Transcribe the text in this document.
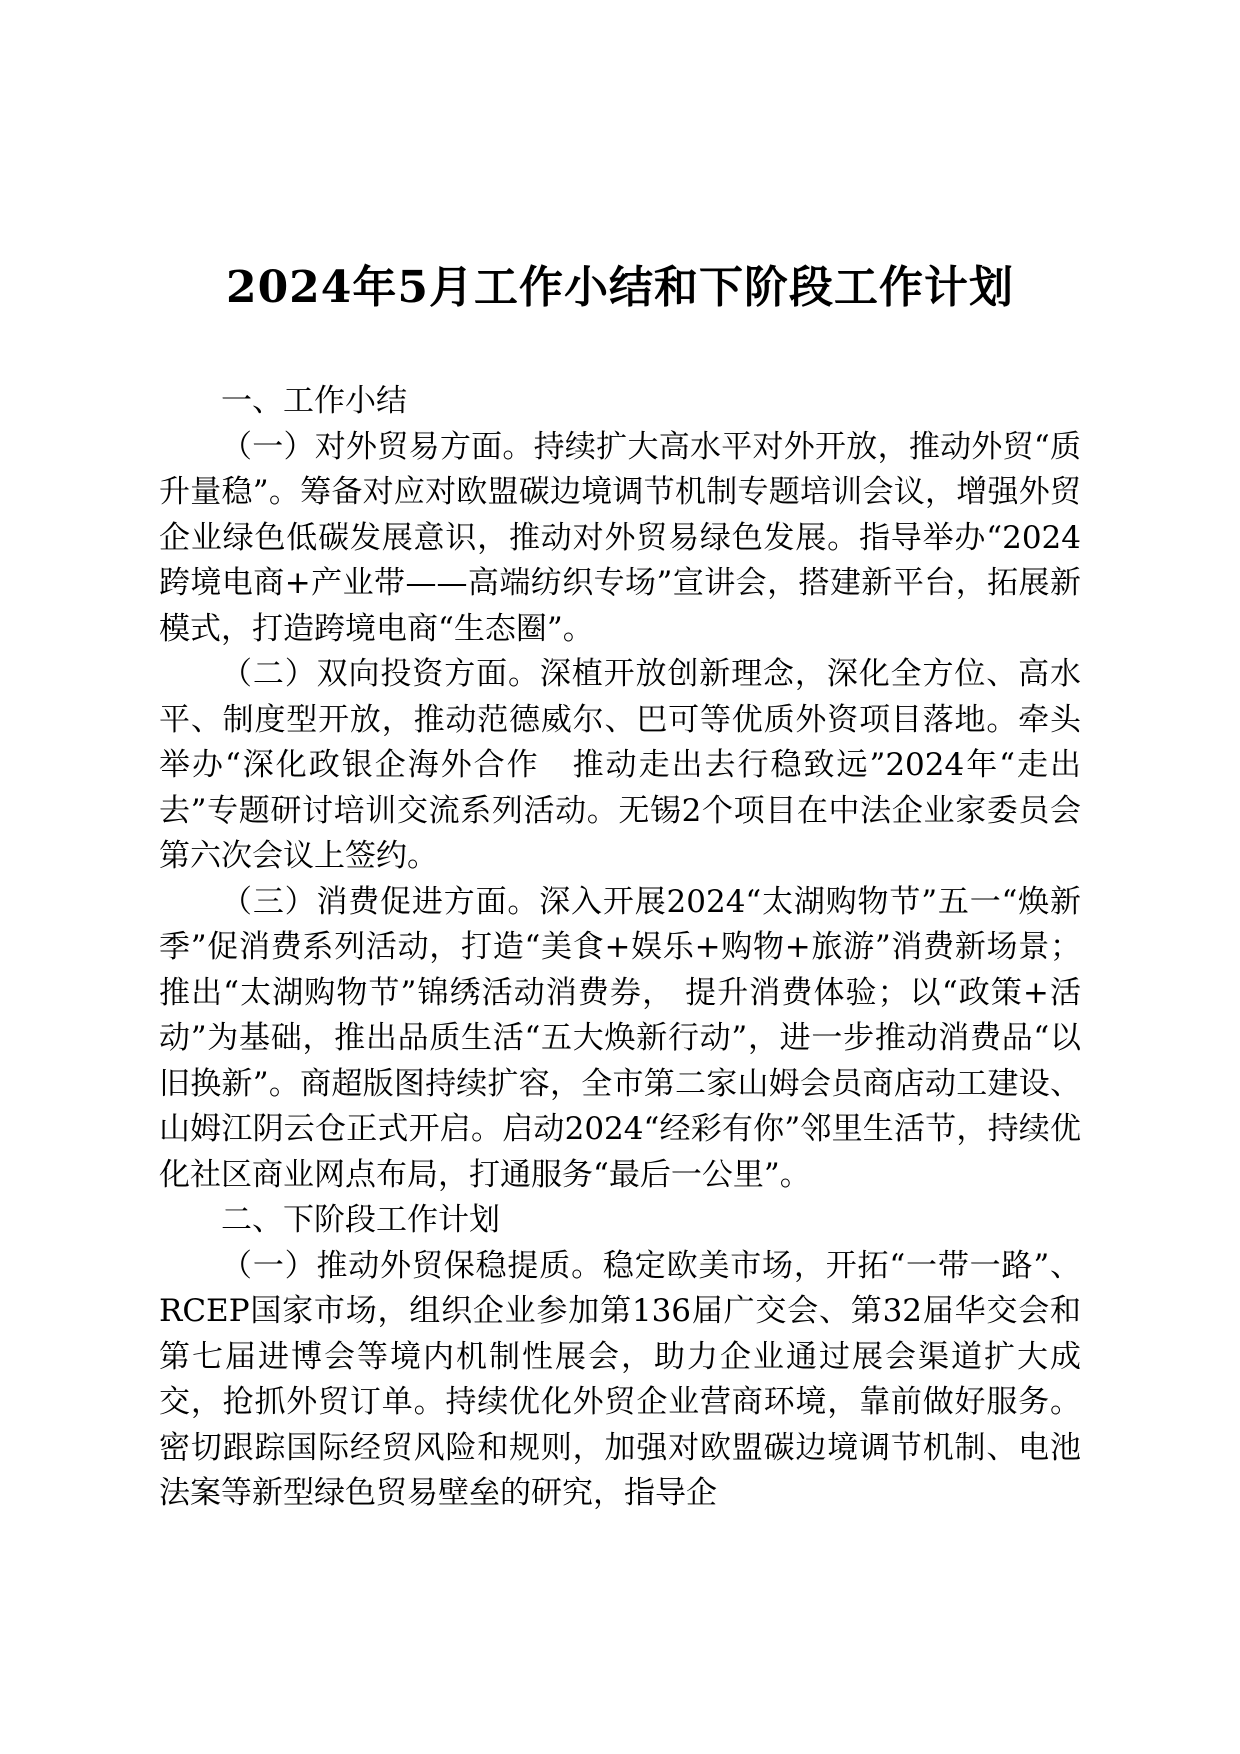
2024年5月工作小结和下阶段工作计划
一、工作小结

（一）对外贸易方面。持续扩大高水平对外开放，推动外贸“质升量稳”。筹备对应对欧盟碳边境调节机制专题培训会议，增强外贸企业绿色低碳发展意识，推动对外贸易绿色发展。指导举办“2024跨境电商+产业带——高端纺织专场”宣讲会，搭建新平台，拓展新模式，打造跨境电商“生态圈”。

（二）双向投资方面。深植开放创新理念，深化全方位、高水平、制度型开放，推动范德威尔、巴可等优质外资项目落地。牵头举办“深化政银企海外合作　推动走出去行稳致远”2024年“走出去”专题研讨培训交流系列活动。无锡2个项目在中法企业家委员会第六次会议上签约。

（三）消费促进方面。深入开展2024“太湖购物节”五一“焕新季”促消费系列活动，打造“美食+娱乐+购物+旅游”消费新场景；推出“太湖购物节”锦绣活动消费券， 提升消费体验；以“政策+活动”为基础，推出品质生活“五大焕新行动”，进一步推动消费品“以旧换新”。商超版图持续扩容，全市第二家山姆会员商店动工建设、山姆江阴云仓正式开启。启动2024“经彩有你”邻里生活节，持续优化社区商业网点布局，打通服务“最后一公里”。

二、下阶段工作计划

（一）推动外贸保稳提质。稳定欧美市场，开拓“一带一路”、RCEP国家市场，组织企业参加第136届广交会、第32届华交会和第七届进博会等境内机制性展会，助力企业通过展会渠道扩大成交，抢抓外贸订单。持续优化外贸企业营商环境，靠前做好服务。密切跟踪国际经贸风险和规则，加强对欧盟碳边境调节机制、电池法案等新型绿色贸易壁垒的研究，指导企
